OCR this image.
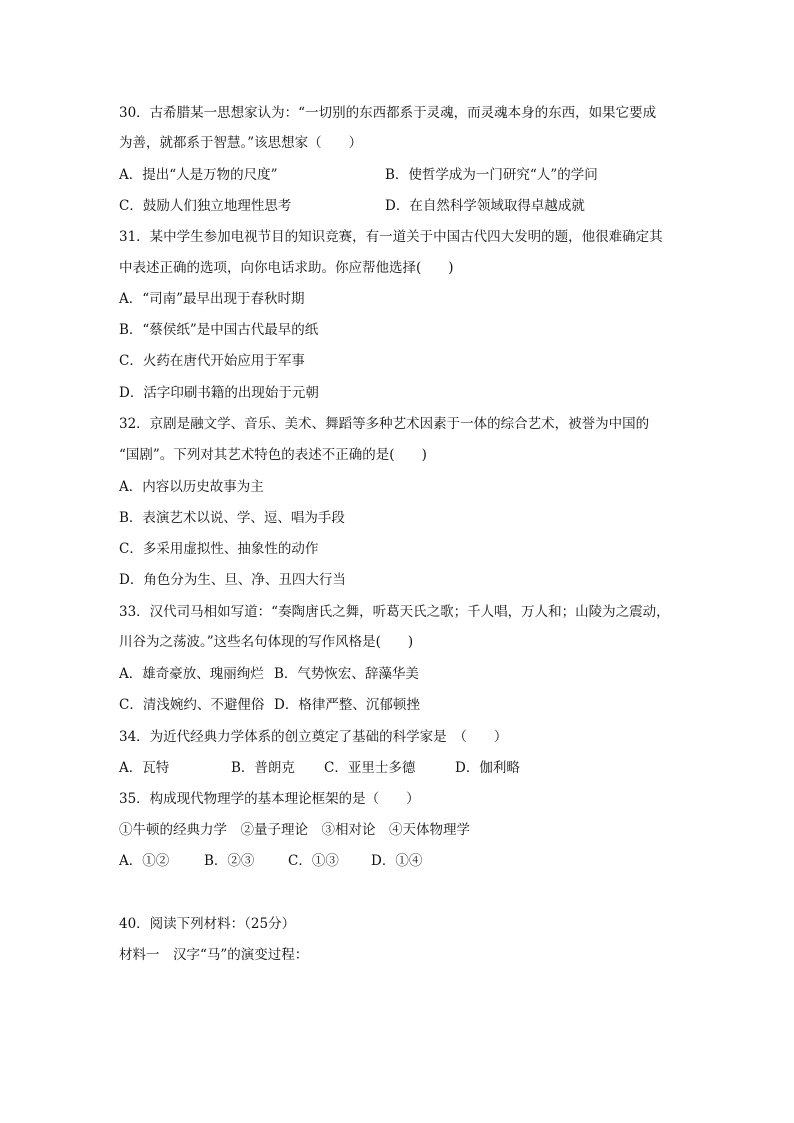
30．古希腊某一思想家认为：“一切别的东西都系于灵魂，而灵魂本身的东西，如果它要成
为善，就都系于智慧。”该思想家（　　）
A．提出“人是万物的尺度”	B．使哲学成为一门研究“人”的学问
C．鼓励人们独立地理性思考	D．在自然科学领域取得卓越成就
31．某中学生参加电视节目的知识竞赛，有一道关于中国古代四大发明的题，他很难确定其
中表述正确的选项，向你电话求助。你应帮他选择(　　)
A．“司南”最早出现于春秋时期
B．“蔡侯纸”是中国古代最早的纸
C．火药在唐代开始应用于军事
D．活字印刷书籍的出现始于元朝
32．京剧是融文学、音乐、美术、舞蹈等多种艺术因素于一体的综合艺术，被誉为中国的
“国剧”。下列对其艺术特色的表述不正确的是(　　)
A．内容以历史故事为主
B．表演艺术以说、学、逗、唱为手段
C．多采用虚拟性、抽象性的动作
D．角色分为生、旦、净、丑四大行当
33．汉代司马相如写道：“奏陶唐氏之舞，听葛天氏之歌；千人唱，万人和；山陵为之震动，
川谷为之荡波。”这些名句体现的写作风格是(　　)
A．雄奇豪放、瑰丽绚烂 B．气势恢宏、辞藻华美
C．清浅婉约、不避俚俗 D．格律严整、沉郁顿挫
34．为近代经典力学体系的创立奠定了基础的科学家是　（　　）
A．瓦特	B．普朗克 C．亚里士多德	D．伽利略
35．构成现代物理学的基本理论框架的是（　　）
①牛顿的经典力学　②量子理论　③相对论　④天体物理学
A．①②	B．②③ C．①③ D．①④
40．阅读下列材料：（25分）
材料一　汉字“马”的演变过程：
